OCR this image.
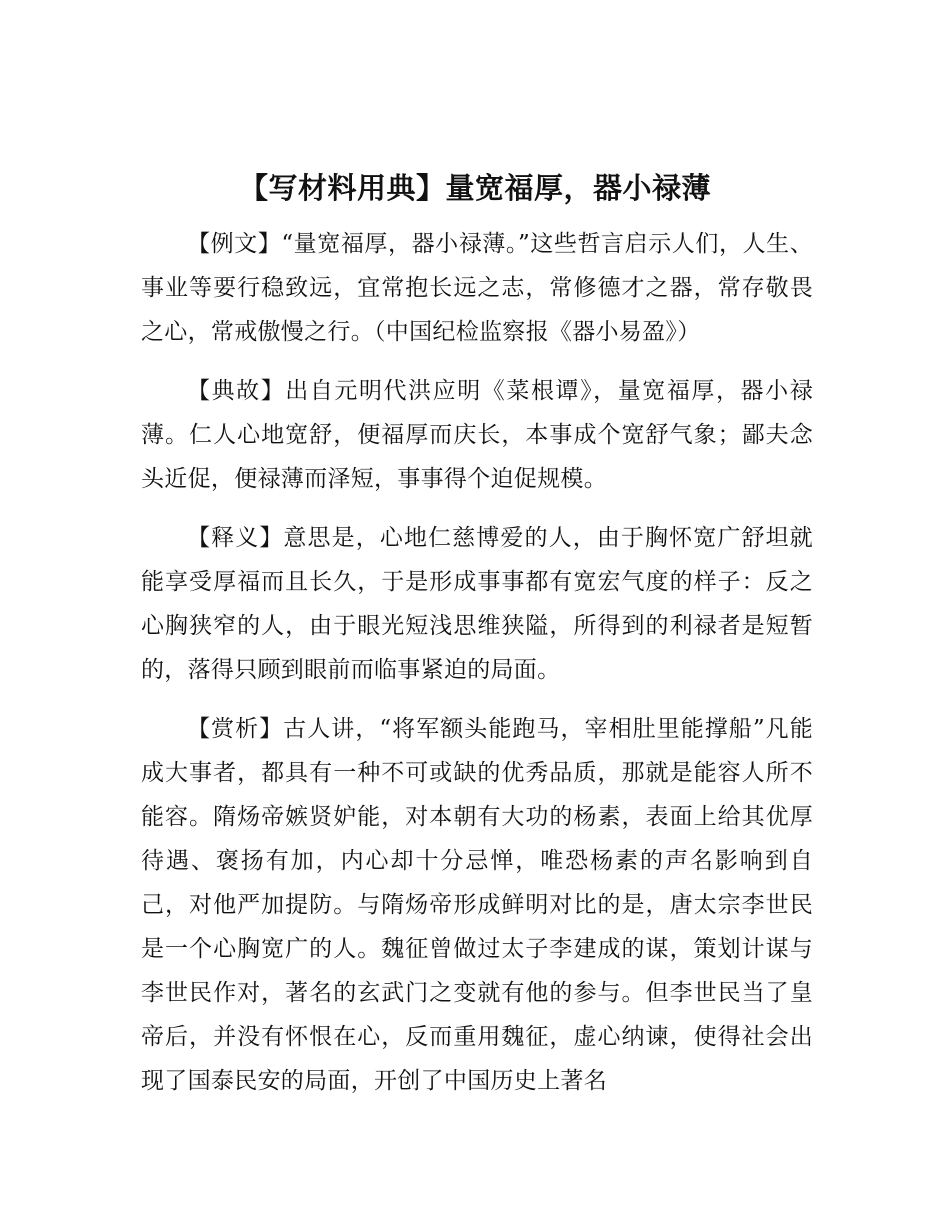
【写材料用典】量宽福厚，器小禄薄

【例文】“量宽福厚，器小禄薄。”这些哲言启示人们，人生、事业等要行稳致远，宜常抱长远之志，常修德才之器，常存敬畏之心，常戒傲慢之行。（中国纪检监察报《器小易盈》）

【典故】出自元明代洪应明《菜根谭》，量宽福厚，器小禄薄。仁人心地宽舒，便福厚而庆长，本事成个宽舒气象；鄙夫念头近促，便禄薄而泽短，事事得个迫促规模。

【释义】意思是，心地仁慈博爱的人，由于胸怀宽广舒坦就能享受厚福而且长久，于是形成事事都有宽宏气度的样子：反之心胸狭窄的人，由于眼光短浅思维狭隘，所得到的利禄者是短暂的，落得只顾到眼前而临事紧迫的局面。

【赏析】古人讲，“将军额头能跑马，宰相肚里能撑船”凡能成大事者，都具有一种不可或缺的优秀品质，那就是能容人所不能容。隋炀帝嫉贤妒能，对本朝有大功的杨素，表面上给其优厚待遇、褒扬有加，内心却十分忌惮，唯恐杨素的声名影响到自己，对他严加提防。与隋炀帝形成鲜明对比的是，唐太宗李世民是一个心胸宽广的人。魏征曾做过太子李建成的谋，策划计谋与李世民作对，著名的玄武门之变就有他的参与。但李世民当了皇帝后，并没有怀恨在心，反而重用魏征，虚心纳谏，使得社会出现了国泰民安的局面，开创了中国历史上著名
